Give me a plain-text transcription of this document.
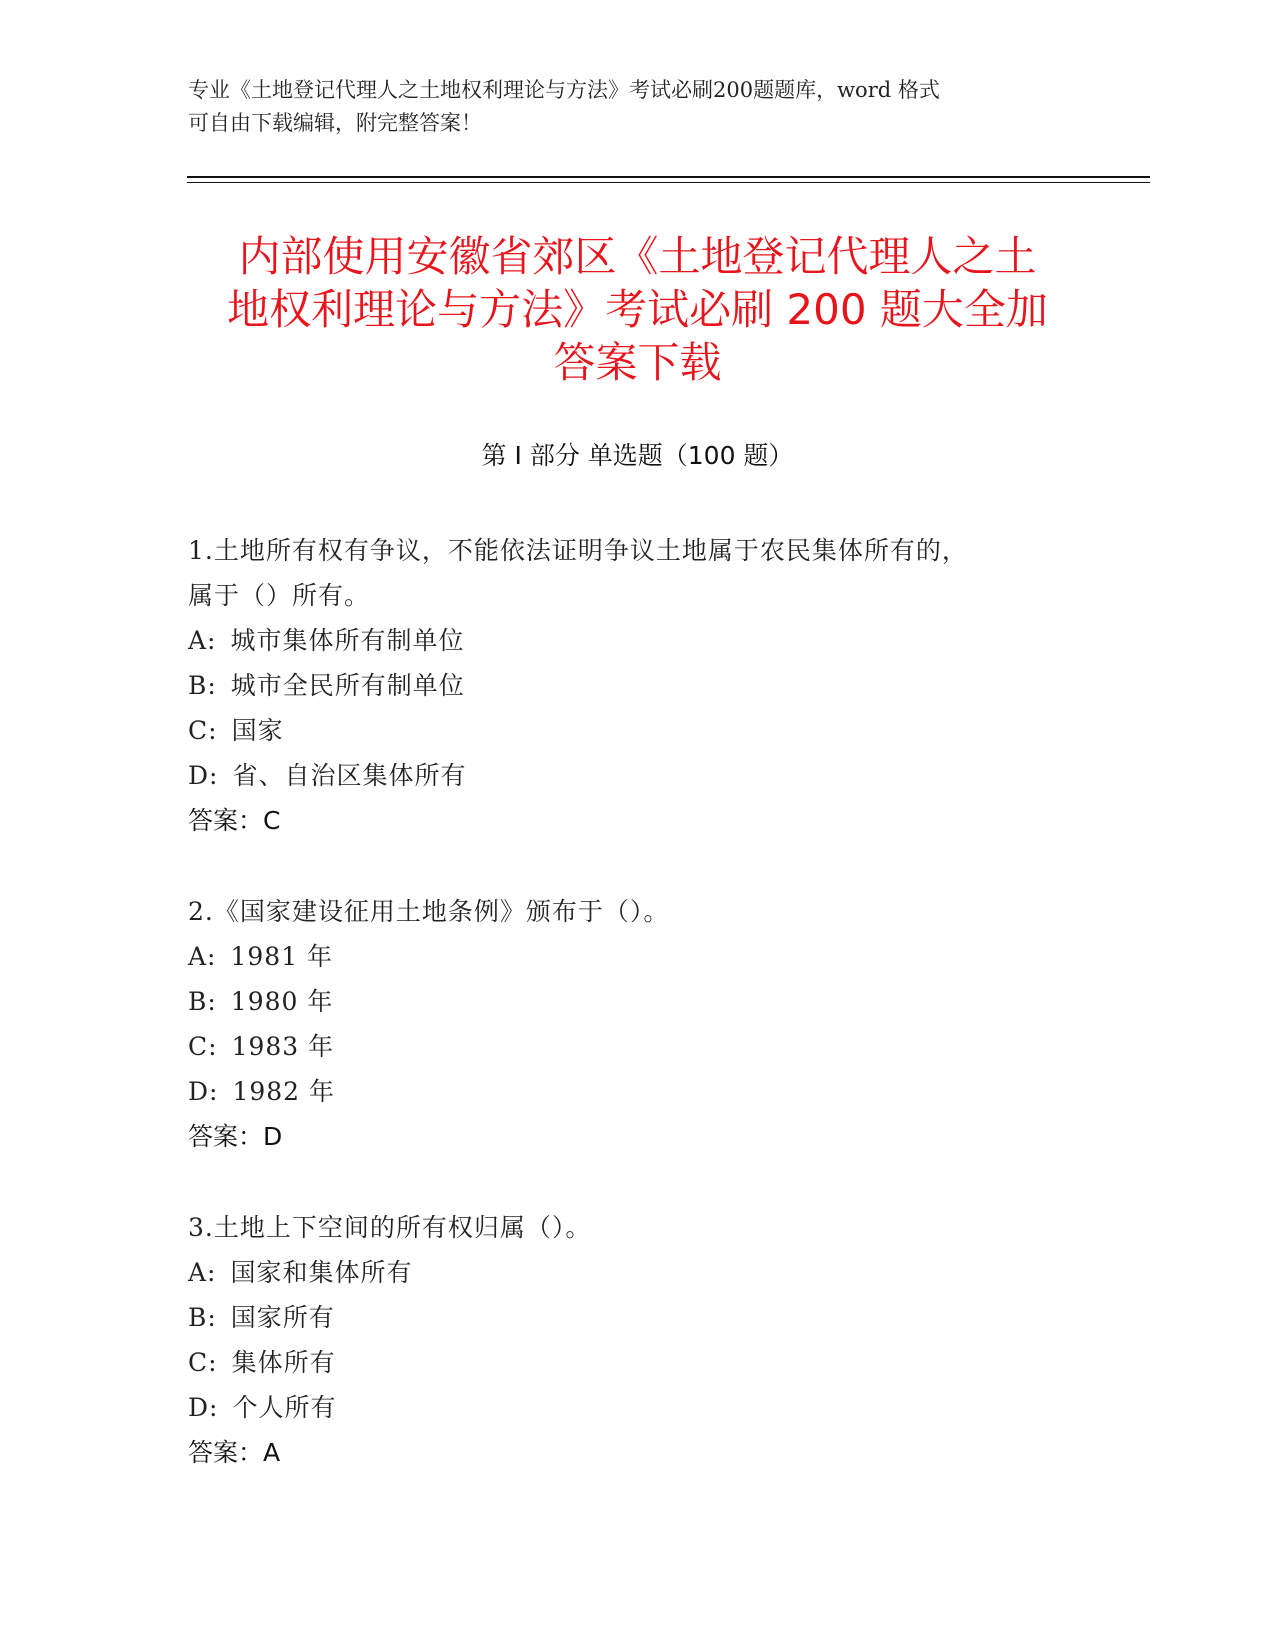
专业《土地登记代理人之土地权利理论与方法》考试必刷200题题库，word 格式

可自由下载编辑，附完整答案！

内部使用安徽省郊区《土地登记代理人之土
地权利理论与方法》考试必刷 200 题大全加
答案下载
第 I 部分 单选题（100 题）

1.土地所有权有争议，不能依法证明争议土地属于农民集体所有的，

属于（）所有。

A: 城市集体所有制单位

B: 城市全民所有制单位

C: 国家

D: 省、自治区集体所有

答案：C

2.《国家建设征用土地条例》颁布于（）。

A: 1981 年

B: 1980 年

C: 1983 年

D: 1982 年

答案：D

3.土地上下空间的所有权归属（）。

A: 国家和集体所有

B: 国家所有

C: 集体所有

D: 个人所有

答案：A
